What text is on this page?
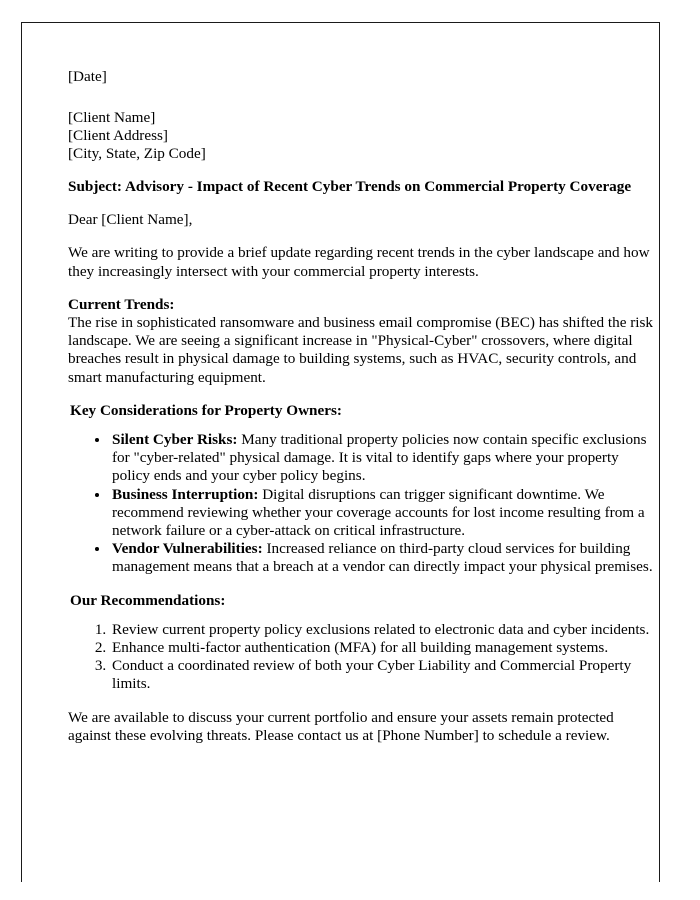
[Date]
[Client Name]
[Client Address]
[City, State, Zip Code]
Subject: Advisory - Impact of Recent Cyber Trends on Commercial Property Coverage
Dear [Client Name],
We are writing to provide a brief update regarding recent trends in the cyber landscape and how they increasingly intersect with your commercial property interests.
Current Trends:
The rise in sophisticated ransomware and business email compromise (BEC) has shifted the risk landscape. We are seeing a significant increase in "Physical-Cyber" crossovers, where digital breaches result in physical damage to building systems, such as HVAC, security controls, and smart manufacturing equipment.
Key Considerations for Property Owners:
• Silent Cyber Risks: Many traditional property policies now contain specific exclusions for "cyber-related" physical damage. It is vital to identify gaps where your property policy ends and your cyber policy begins.
• Business Interruption: Digital disruptions can trigger significant downtime. We recommend reviewing whether your coverage accounts for lost income resulting from a network failure or a cyber-attack on critical infrastructure.
• Vendor Vulnerabilities: Increased reliance on third-party cloud services for building management means that a breach at a vendor can directly impact your physical premises.
Our Recommendations:
1. Review current property policy exclusions related to electronic data and cyber incidents.
2. Enhance multi-factor authentication (MFA) for all building management systems.
3. Conduct a coordinated review of both your Cyber Liability and Commercial Property limits.
We are available to discuss your current portfolio and ensure your assets remain protected against these evolving threats. Please contact us at [Phone Number] to schedule a review.
